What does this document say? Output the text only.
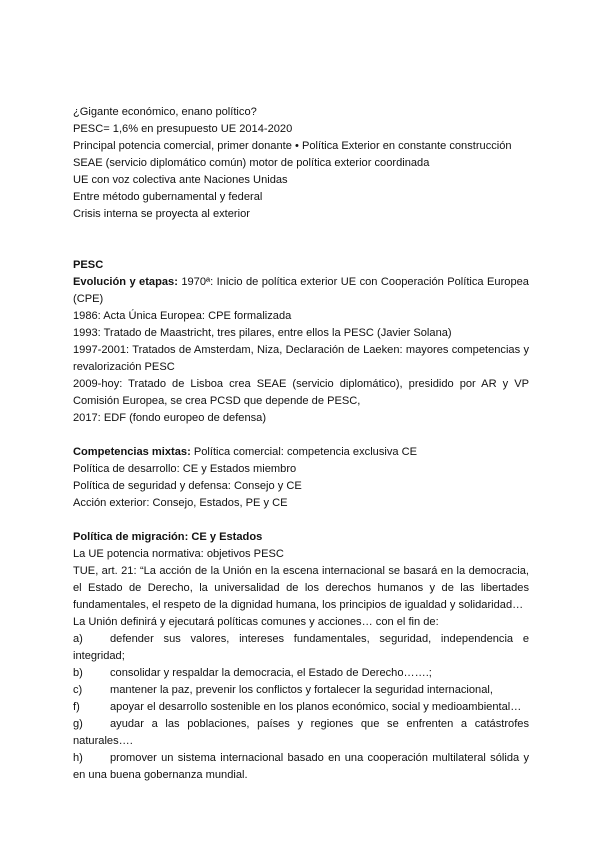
¿Gigante económico, enano político?

PESC= 1,6% en presupuesto UE 2014-2020

Principal potencia comercial, primer donante • Política Exterior en constante construcción

SEAE (servicio diplomático común) motor de política exterior coordinada

UE con voz colectiva ante Naciones Unidas

Entre método gubernamental y federal

Crisis interna se proyecta al exterior

PESC

Evolución y etapas: 1970ª: Inicio de política exterior UE con Cooperación Política Europea (CPE)

1986: Acta Única Europea: CPE formalizada

1993: Tratado de Maastricht, tres pilares, entre ellos la PESC (Javier Solana)

1997-2001: Tratados de Amsterdam, Niza, Declaración de Laeken: mayores competencias y revalorización PESC

2009-hoy: Tratado de Lisboa crea SEAE (servicio diplomático), presidido por AR y VP Comisión Europea, se crea PCSD que depende de PESC,

2017: EDF (fondo europeo de defensa)

Competencias mixtas: Política comercial: competencia exclusiva CE

Política de desarrollo: CE y Estados miembro

Política de seguridad y defensa: Consejo y CE

Acción exterior: Consejo, Estados, PE y CE

Política de migración: CE y Estados

La UE potencia normativa: objetivos PESC

TUE, art. 21: “La acción de la Unión en la escena internacional se basará en la democracia, el Estado de Derecho, la universalidad de los derechos humanos y de las libertades fundamentales, el respeto de la dignidad humana, los principios de igualdad y solidaridad…

La Unión definirá y ejecutará políticas comunes y acciones… con el fin de:

a)	defender sus valores, intereses fundamentales, seguridad, independencia e

integridad;

b)	consolidar y respaldar la democracia, el Estado de Derecho…….;
c)	mantener la paz, prevenir los conflictos y fortalecer la seguridad internacional,
f)	apoyar el desarrollo sostenible en los planos económico, social y medioambiental…
g)	ayudar a las poblaciones, países y regiones que se enfrenten a catástrofes

naturales….

h)	promover un sistema internacional basado en una cooperación multilateral sólida y

en una buena gobernanza mundial.
